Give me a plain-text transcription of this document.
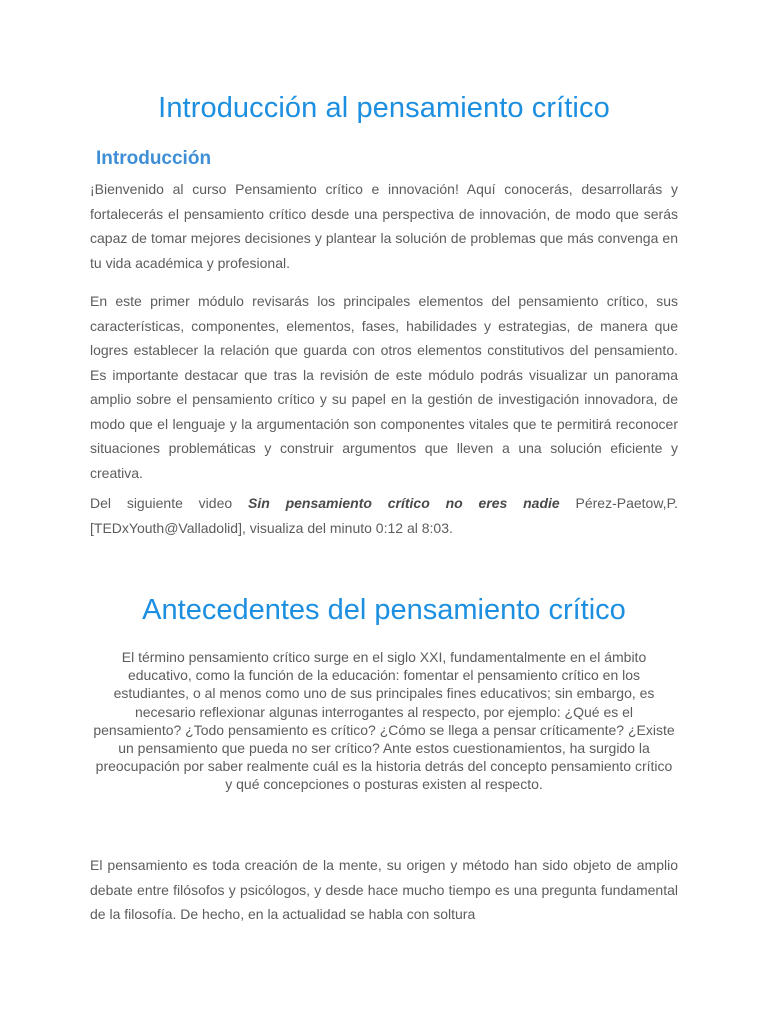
Introducción al pensamiento crítico
Introducción

¡Bienvenido al curso Pensamiento crítico e innovación! Aquí conocerás, desarrollarás y fortalecerás el pensamiento crítico desde una perspectiva de innovación, de modo que serás capaz de tomar mejores decisiones y plantear la solución de problemas que más convenga en tu vida académica y profesional.

En este primer módulo revisarás los principales elementos del pensamiento crítico, sus características, componentes, elementos, fases, habilidades y estrategias, de manera que logres establecer la relación que guarda con otros elementos constitutivos del pensamiento. Es importante destacar que tras la revisión de este módulo podrás visualizar un panorama amplio sobre el pensamiento crítico y su papel en la gestión de investigación innovadora, de modo que el lenguaje y la argumentación son componentes vitales que te permitirá reconocer situaciones problemáticas y construir argumentos que lleven a una solución eficiente y creativa.

Del siguiente video Sin pensamiento crítico no eres nadie Pérez-Paetow,P. [TEDxYouth@Valladolid], visualiza del minuto 0:12 al 8:03.

Antecedentes del pensamiento crítico

El término pensamiento crítico surge en el siglo XXI, fundamentalmente en el ámbito educativo, como la función de la educación: fomentar el pensamiento crítico en los estudiantes, o al menos como uno de sus principales fines educativos; sin embargo, es necesario reflexionar algunas interrogantes al respecto, por ejemplo: ¿Qué es el pensamiento? ¿Todo pensamiento es crítico? ¿Cómo se llega a pensar críticamente? ¿Existe un pensamiento que pueda no ser crítico? Ante estos cuestionamientos, ha surgido la preocupación por saber realmente cuál es la historia detrás del concepto pensamiento crítico y qué concepciones o posturas existen al respecto.

El pensamiento es toda creación de la mente, su origen y método han sido objeto de amplio debate entre filósofos y psicólogos, y desde hace mucho tiempo es una pregunta fundamental de la filosofía. De hecho, en la actualidad se habla con soltura
